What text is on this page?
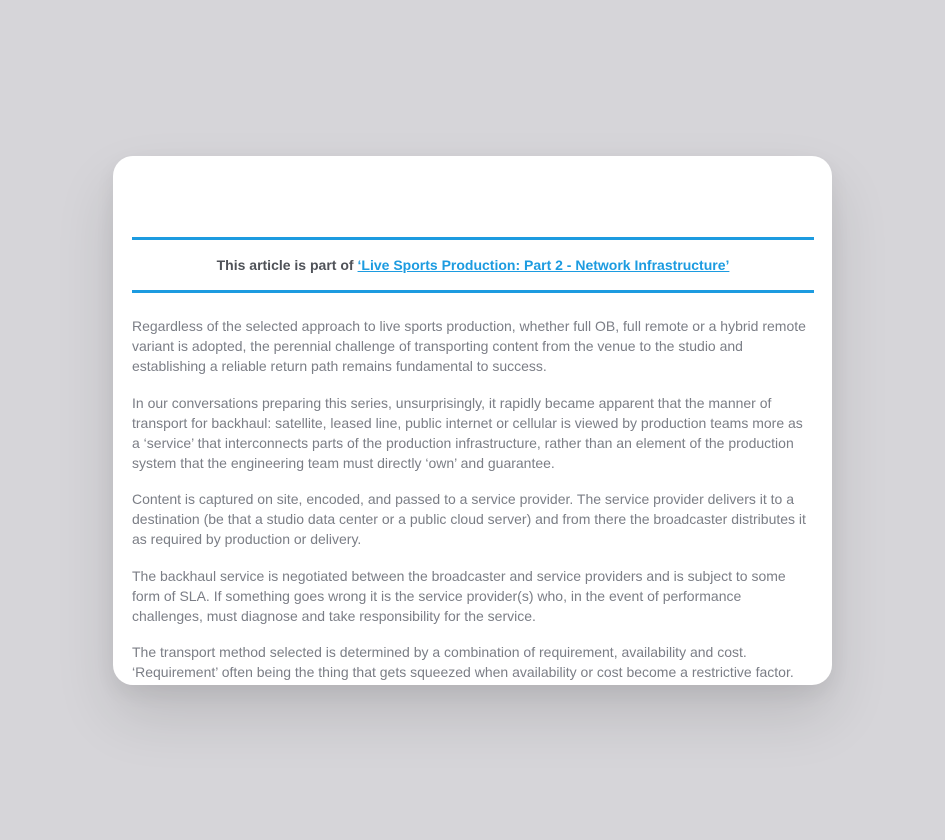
This article is part of ‘Live Sports Production: Part 2 - Network Infrastructure’

Regardless of the selected approach to live sports production, whether full OB, full remote or a hybrid remote variant is adopted, the perennial challenge of transporting content from the venue to the studio and establishing a reliable return path remains fundamental to success.

In our conversations preparing this series, unsurprisingly, it rapidly became apparent that the manner of transport for backhaul: satellite, leased line, public internet or cellular is viewed by production teams more as a ‘service’ that interconnects parts of the production infrastructure, rather than an element of the production system that the engineering team must directly ‘own’ and guarantee.

Content is captured on site, encoded, and passed to a service provider. The service provider delivers it to a destination (be that a studio data center or a public cloud server) and from there the broadcaster distributes it as required by production or delivery.

The backhaul service is negotiated between the broadcaster and service providers and is subject to some form of SLA. If something goes wrong it is the service provider(s) who, in the event of performance challenges, must diagnose and take responsibility for the service.

The transport method selected is determined by a combination of requirement, availability and cost. ‘Requirement’ often being the thing that gets squeezed when availability or cost become a restrictive factor.
